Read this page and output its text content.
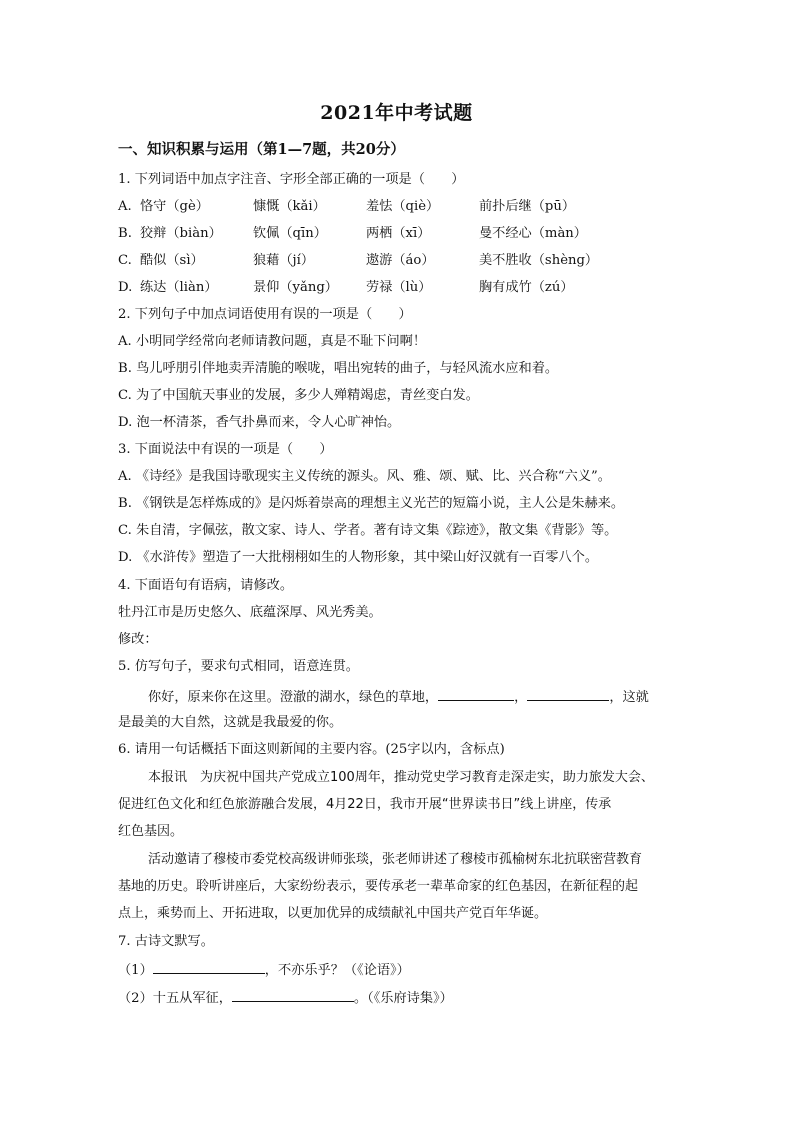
2021年中考试题
一、知识积累与运用（第1—7题，共20分）
1. 下列词语中加点字注音、字形全部正确的一项是（　　）
A. 恪守（gè）	慷慨（kǎi）	羞怯（qiè）	前扑后继（pū）
B. 狡辩（biàn） 钦佩（qīn）	两栖（xī）	曼不经心（màn）
C. 酷似（sì）	狼藉（jí）	遨游（áo）	美不胜收（shèng）
D. 练达（liàn）	景仰（yǎng） 劳禄（lù）	胸有成竹（zú）
2. 下列句子中加点词语使用有误的一项是（　　）
A. 小明同学经常向老师请教问题，真是不耻下问啊！
B. 鸟儿呼朋引伴地卖弄清脆的喉咙，唱出宛转的曲子，与轻风流水应和着。
C. 为了中国航天事业的发展，多少人殚精竭虑，青丝变白发。
D. 泡一杯清茶，香气扑鼻而来，令人心旷神怡。
3. 下面说法中有误的一项是（　　）
A. 《诗经》是我国诗歌现实主义传统的源头。风、雅、颂、赋、比、兴合称“六义”。
B. 《钢铁是怎样炼成的》是闪烁着崇高的理想主义光芒的短篇小说，主人公是朱赫来。
C. 朱自清，字佩弦，散文家、诗人、学者。著有诗文集《踪迹》，散文集《背影》等。
D. 《水浒传》塑造了一大批栩栩如生的人物形象，其中梁山好汉就有一百零八个。
4. 下面语句有语病，请修改。
牡丹江市是历史悠久、底蕴深厚、风光秀美。
修改：
5. 仿写句子，要求句式相同，语意连贯。
你好，原来你在这里。澄澈的湖水，绿色的草地，	，	，这就
是最美的大自然，这就是我最爱的你。
6. 请用一句话概括下面这则新闻的主要内容。(25字以内，含标点)
本报讯　为庆祝中国共产党成立100周年，推动党史学习教育走深走实，助力旅发大会、
促进红色文化和红色旅游融合发展，4月22日，我市开展“世界读书日”线上讲座，传承
红色基因。
活动邀请了穆棱市委党校高级讲师张琰，张老师讲述了穆棱市孤榆树东北抗联密营教育
基地的历史。聆听讲座后，大家纷纷表示，要传承老一辈革命家的红色基因，在新征程的起
点上，乘势而上、开拓进取，以更加优异的成绩献礼中国共产党百年华诞。
7. 古诗文默写。
（1）	，不亦乐乎？（《论语》）
（2）十五从军征，	。（《乐府诗集》）
